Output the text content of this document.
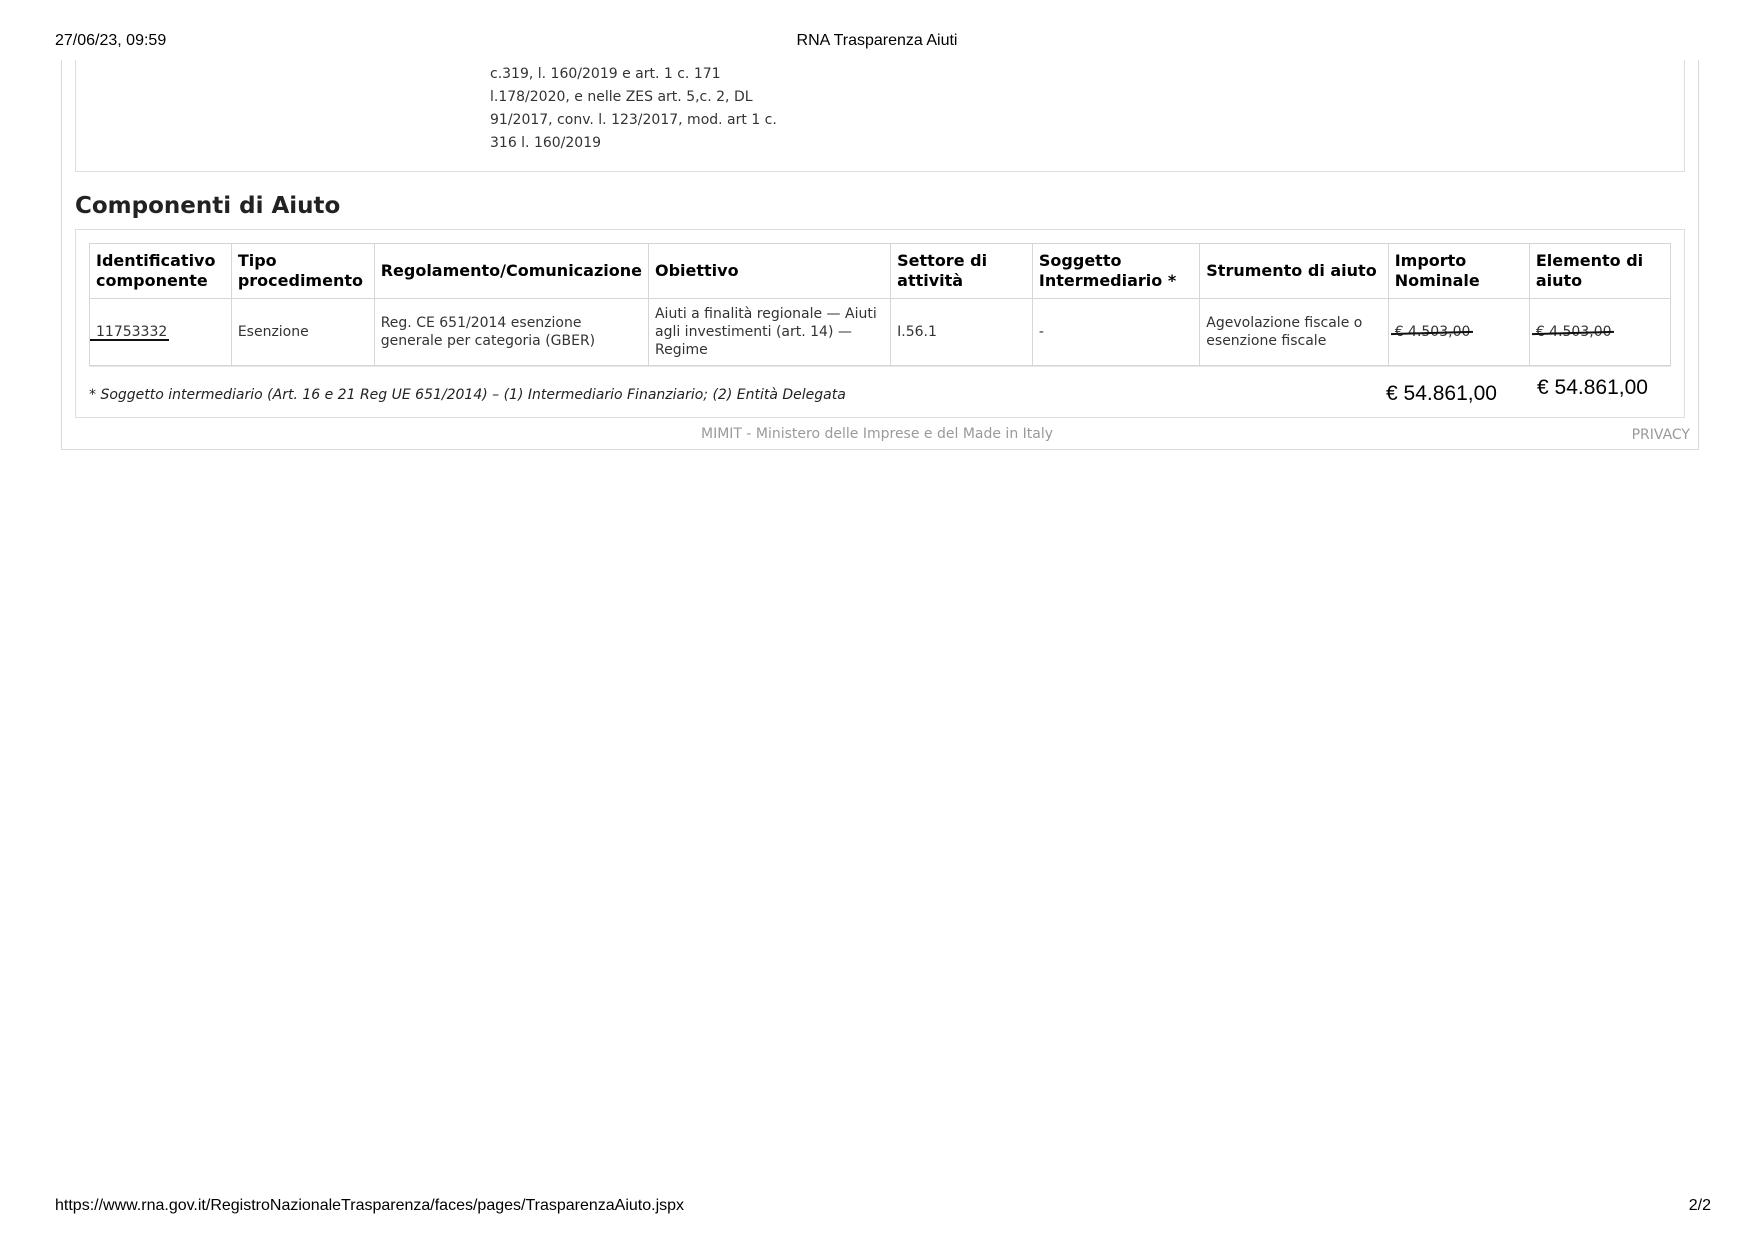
27/06/23, 09:59	RNA Trasparenza Aiuti
c.319, l. 160/2019 e art. 1 c. 171
l.178/2020, e nelle ZES art. 5,c. 2, DL
91/2017, conv. l. 123/2017, mod. art 1 c.
316 l. 160/2019
Componenti di Aiuto
Identificativo componente	Tipo procedimento	Regolamento/Comunicazione	Obiettivo	Settore di attività	Soggetto Intermediario *	Strumento di aiuto	Importo Nominale	Elemento di aiuto
11753332	Esenzione	Reg. CE 651/2014 esenzione generale per categoria (GBER)	Aiuti a finalità regionale — Aiuti agli investimenti (art. 14) — Regime	I.56.1	-	Agevolazione fiscale o esenzione fiscale	€ 4.503,00	€ 4.503,00
* Soggetto intermediario (Art. 16 e 21 Reg UE 651/2014) – (1) Intermediario Finanziario; (2) Entità Delegata	€ 54.861,00 € 54.861,00
MIMIT - Ministero delle Imprese e del Made in Italy	PRIVACY
https://www.rna.gov.it/RegistroNazionaleTrasparenza/faces/pages/TrasparenzaAiuto.jspx	2/2
